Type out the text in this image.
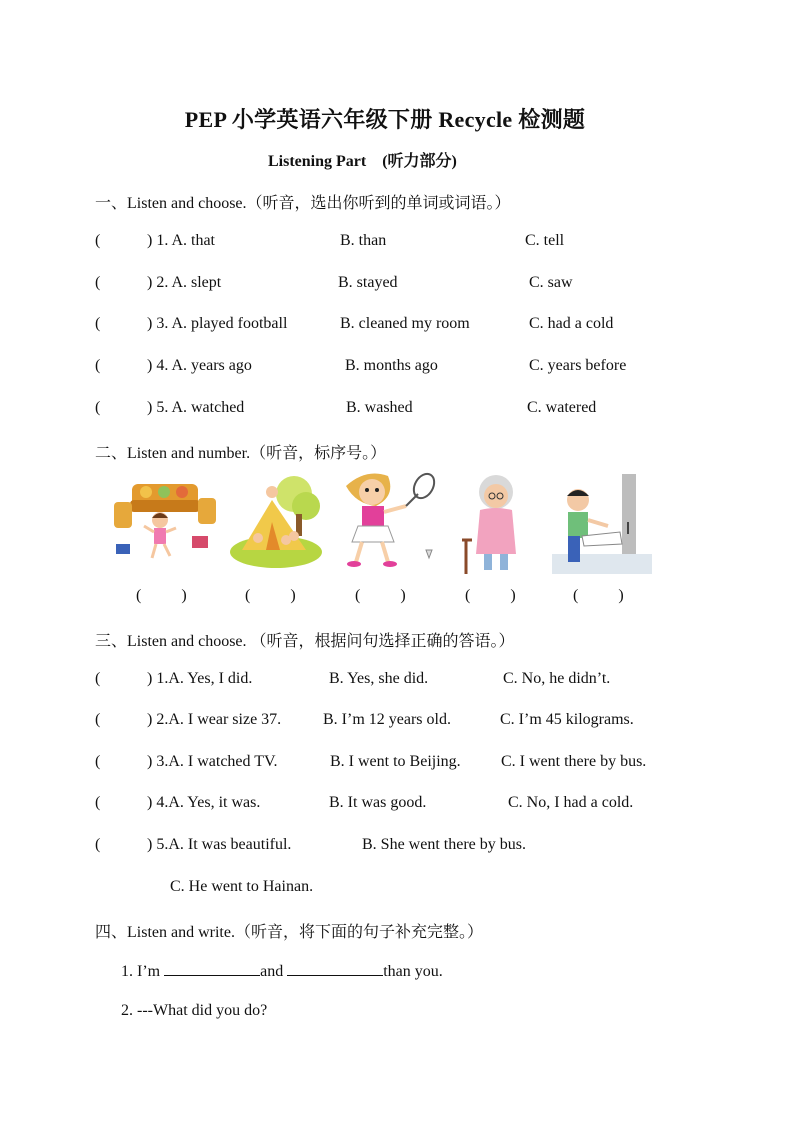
PEP 小学英语六年级下册 Recycle 检测题
Listening Part    (听力部分)
一、Listen and choose.（听音，选出你听到的单词或词语。）
(	) 1. A. that	B. than	C. tell
(	) 2. A. slept	B. stayed	C. saw
(	) 3. A. played football	B. cleaned my room	C. had a cold
(	) 4. A. years ago	B. months ago	C. years before
(	) 5. A. watched	B. washed	C. watered
二、Listen and number.（听音，标序号。）
(          )	(          )	(          )	(          )	(          )
三、Listen and choose. （听音，根据问句选择正确的答语。）
(	) 1.A. Yes, I did.	B. Yes, she did.	C. No, he didn’t.
(	) 2.A. I wear size 37.	B. I’m 12 years old.	C. I’m 45 kilograms.
(	) 3.A. I watched TV.	B. I went to Beijing.	C. I went there by bus.
(	) 4.A. Yes, it was.	B. It was good.	C. No, I had a cold.
(	) 5.A. It was beautiful.	B. She went there by bus.
C. He went to Hainan.
四、Listen and write.（听音，将下面的句子补充完整。）
1. I’m	and	than you.
2. ---What did you do?
